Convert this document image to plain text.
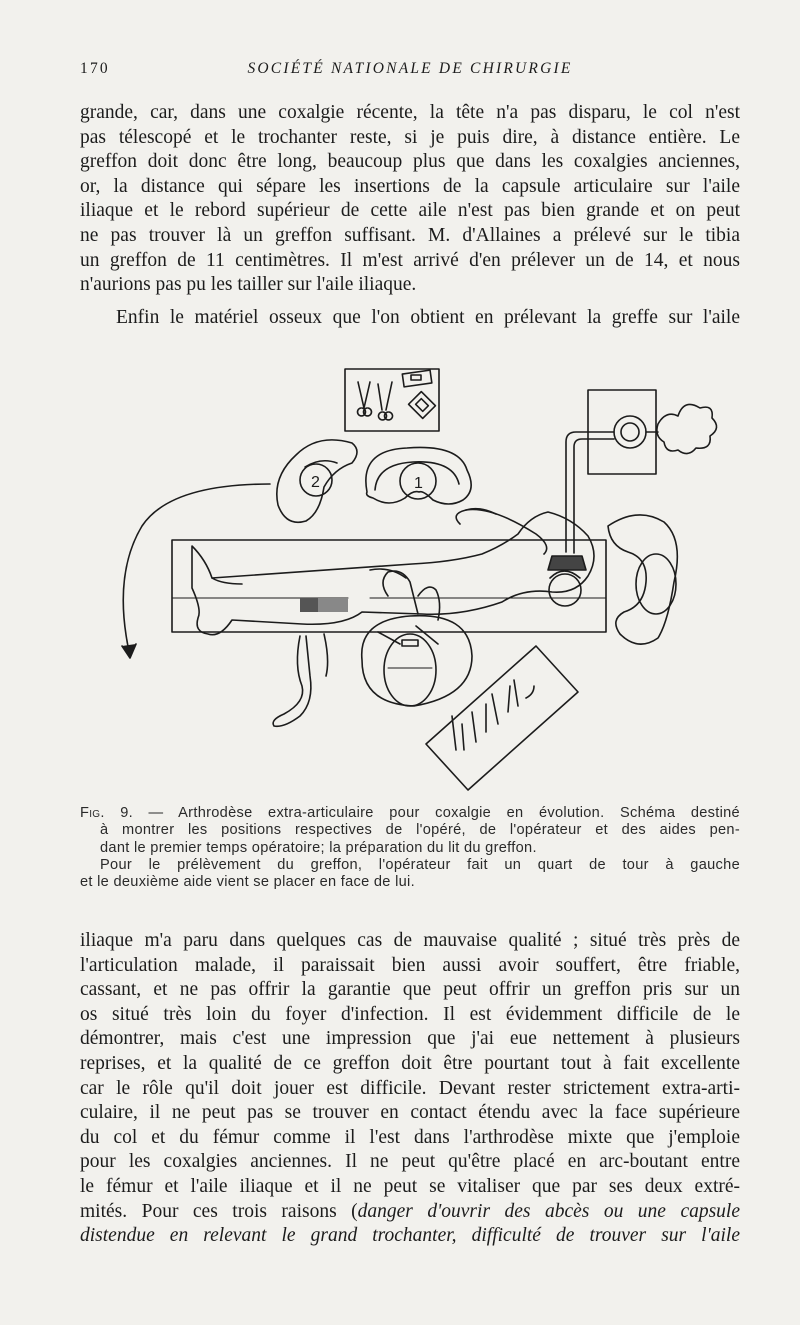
170	SOCIÉTÉ NATIONALE DE CHIRURGIE
grande, car, dans une coxalgie récente, la tête n'a pas disparu, le col n'est
pas télescopé et le trochanter reste, si je puis dire, à distance entière. Le
greffon doit donc être long, beaucoup plus que dans les coxalgies anciennes,
or, la distance qui sépare les insertions de la capsule articulaire sur l'aile
iliaque et le rebord supérieur de cette aile n'est pas bien grande et on peut
ne pas trouver là un greffon suffisant. M. d'Allaines a prélevé sur le tibia
un greffon de 11 centimètres. Il m'est arrivé d'en prélever un de 14, et nous
n'aurions pas pu les tailler sur l'aile iliaque.
Enfin le matériel osseux que l'on obtient en prélevant la greffe sur l'aile
2	1
Fig. 9. — Arthrodèse extra-articulaire pour coxalgie en évolution. Schéma destiné
à montrer les positions respectives de l'opéré, de l'opérateur et des aides pen-
dant le premier temps opératoire; la préparation du lit du greffon.
Pour le prélèvement du greffon, l'opérateur fait un quart de tour à gauche
et le deuxième aide vient se placer en face de lui.
iliaque m'a paru dans quelques cas de mauvaise qualité ; situé très près de
l'articulation malade, il paraissait bien aussi avoir souffert, être friable,
cassant, et ne pas offrir la garantie que peut offrir un greffon pris sur un
os situé très loin du foyer d'infection. Il est évidemment difficile de le
démontrer, mais c'est une impression que j'ai eue nettement à plusieurs
reprises, et la qualité de ce greffon doit être pourtant tout à fait excellente
car le rôle qu'il doit jouer est difficile. Devant rester strictement extra-arti-
culaire, il ne peut pas se trouver en contact étendu avec la face supérieure
du col et du fémur comme il l'est dans l'arthrodèse mixte que j'emploie
pour les coxalgies anciennes. Il ne peut qu'être placé en arc-boutant entre
le fémur et l'aile iliaque et il ne peut se vitaliser que par ses deux extré-
mités. Pour ces trois raisons (danger d'ouvrir des abcès ou une capsule
distendue en relevant le grand trochanter, difficulté de trouver sur l'aile
